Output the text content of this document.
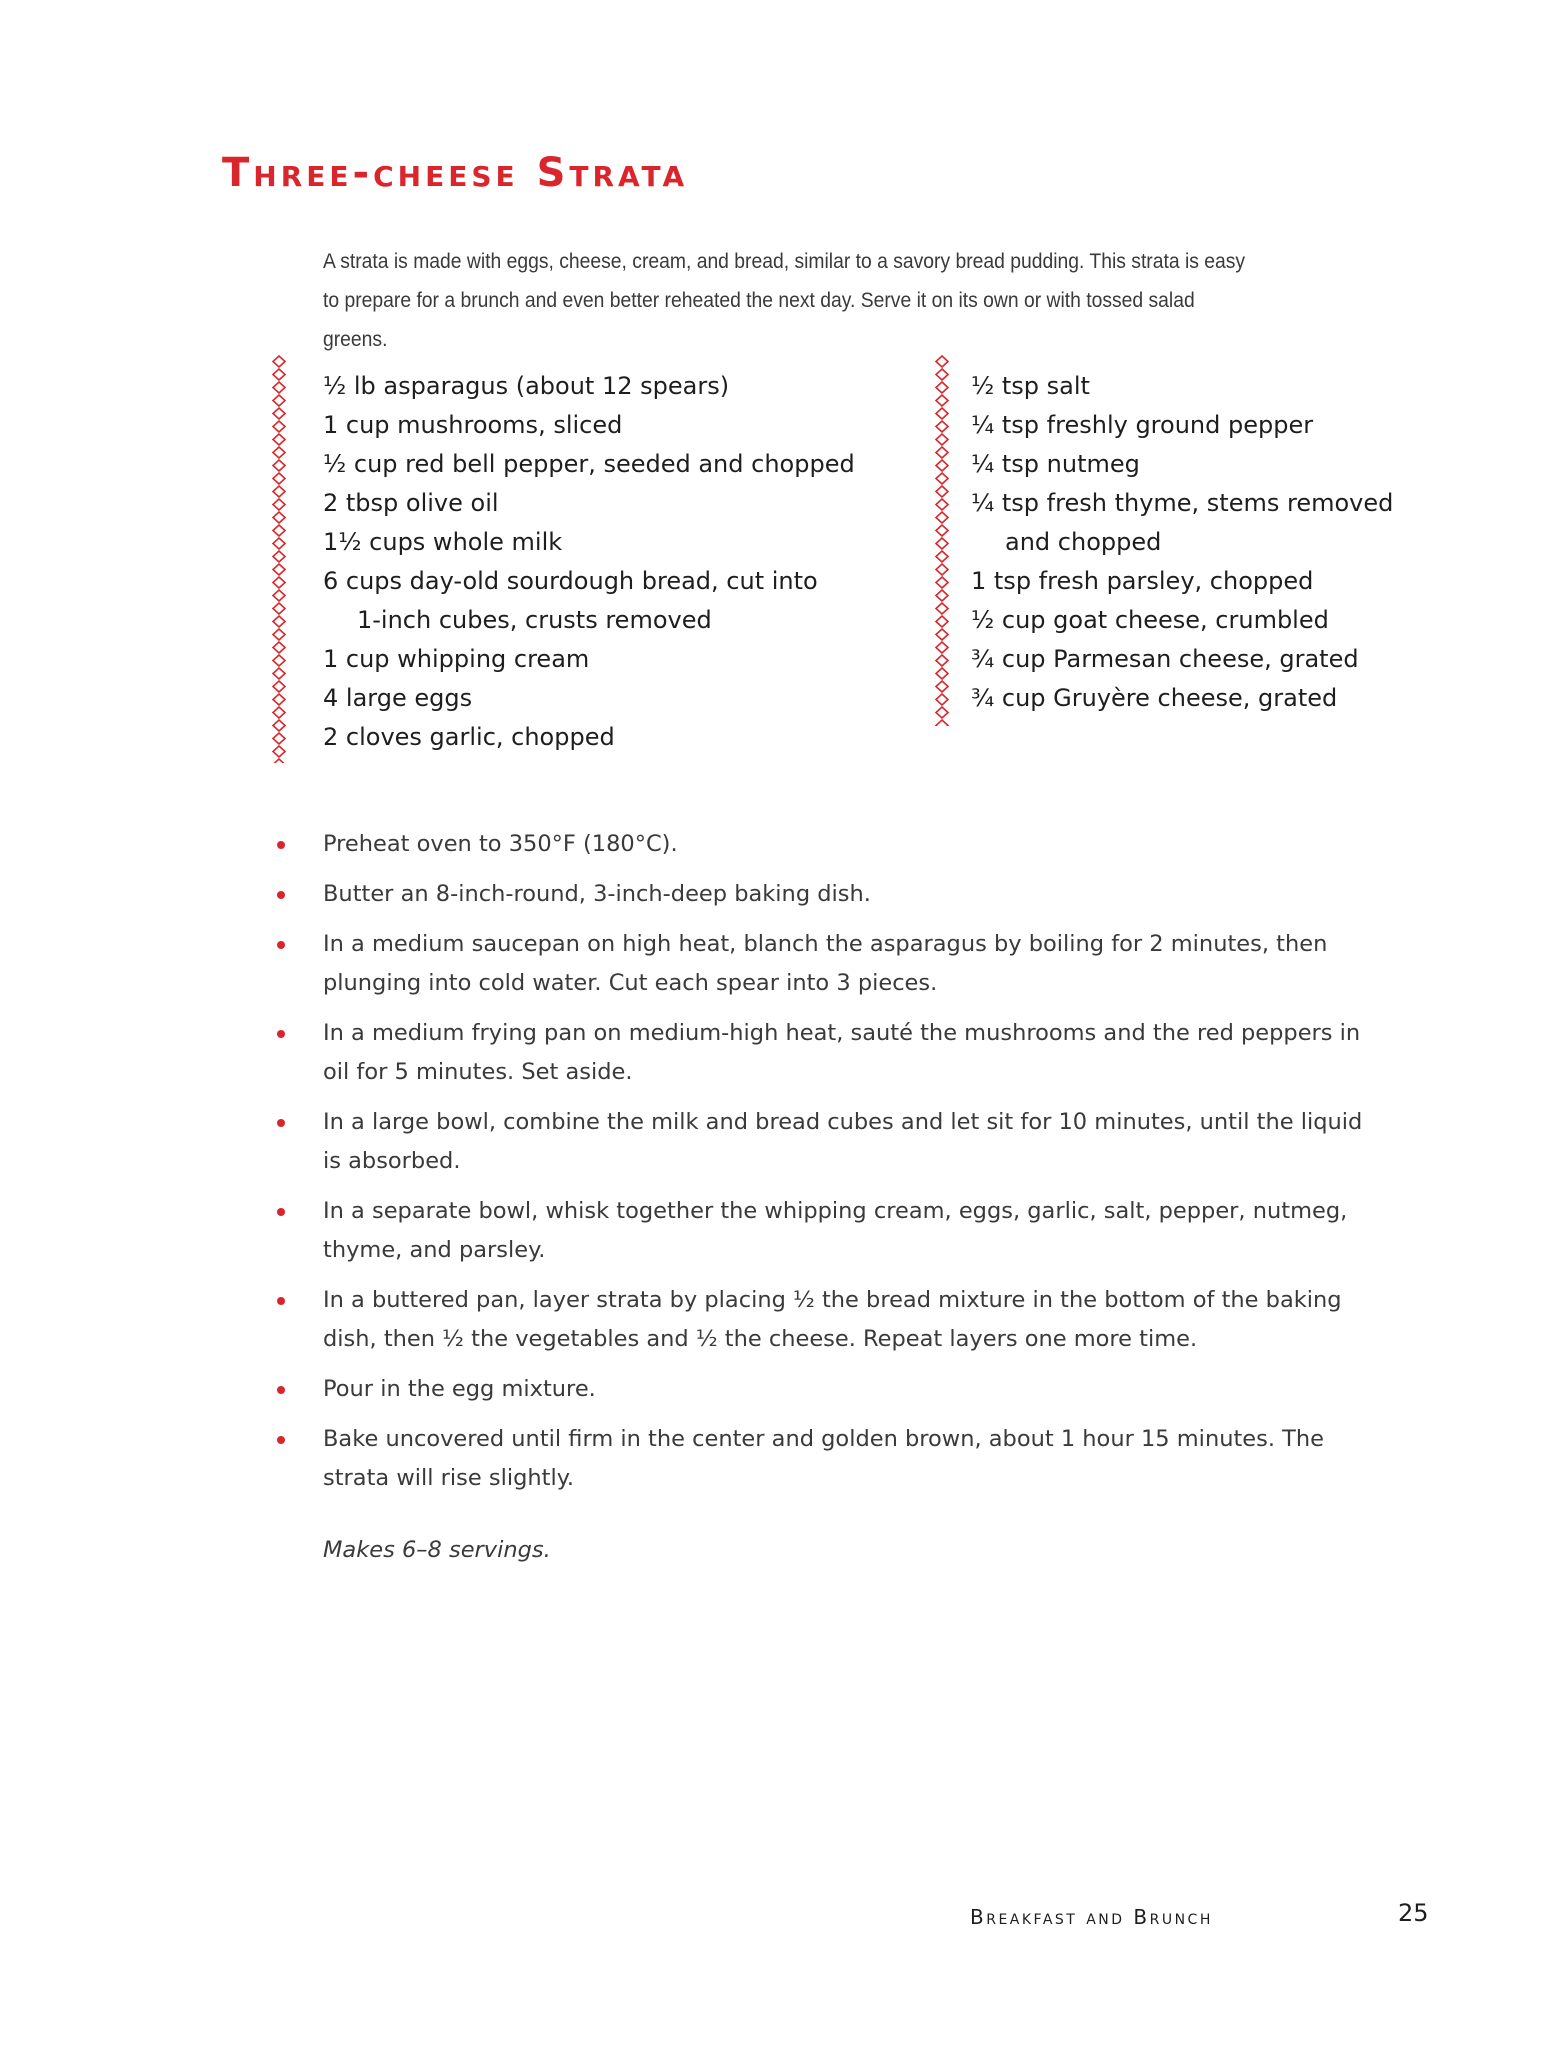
Three-cheese Strata

A strata is made with eggs, cheese, cream, and bread, similar to a savory bread pudding. This strata is easy to prepare for a brunch and even better reheated the next day. Serve it on its own or with tossed salad greens.

½ lb asparagus (about 12 spears)
1 cup mushrooms, sliced
½ cup red bell pepper, seeded and chopped
2 tbsp olive oil
1½ cups whole milk
6 cups day-old sourdough bread, cut into
1-inch cubes, crusts removed
1 cup whipping cream
4 large eggs
2 cloves garlic, chopped
½ tsp salt
¼ tsp freshly ground pepper
¼ tsp nutmeg
¼ tsp fresh thyme, stems removed
and chopped
1 tsp fresh parsley, chopped
½ cup goat cheese, crumbled
¾ cup Parmesan cheese, grated
¾ cup Gruyère cheese, grated
Preheat oven to 350°F (180°C).
Butter an 8-inch-round, 3-inch-deep baking dish.
In a medium saucepan on high heat, blanch the asparagus by boiling for 2 minutes, then plunging into cold water. Cut each spear into 3 pieces.
In a medium frying pan on medium-high heat, sauté the mushrooms and the red peppers in oil for 5 minutes. Set aside.
In a large bowl, combine the milk and bread cubes and let sit for 10 minutes, until the liquid is absorbed.
In a separate bowl, whisk together the whipping cream, eggs, garlic, salt, pepper, nutmeg, thyme, and parsley.
In a buttered pan, layer strata by placing ½ the bread mixture in the bottom of the baking dish, then ½ the vegetables and ½ the cheese. Repeat layers one more time.
Pour in the egg mixture.
Bake uncovered until firm in the center and golden brown, about 1 hour 15 minutes. The strata will rise slightly.

Makes 6–8 servings.

Breakfast and Brunch	25
